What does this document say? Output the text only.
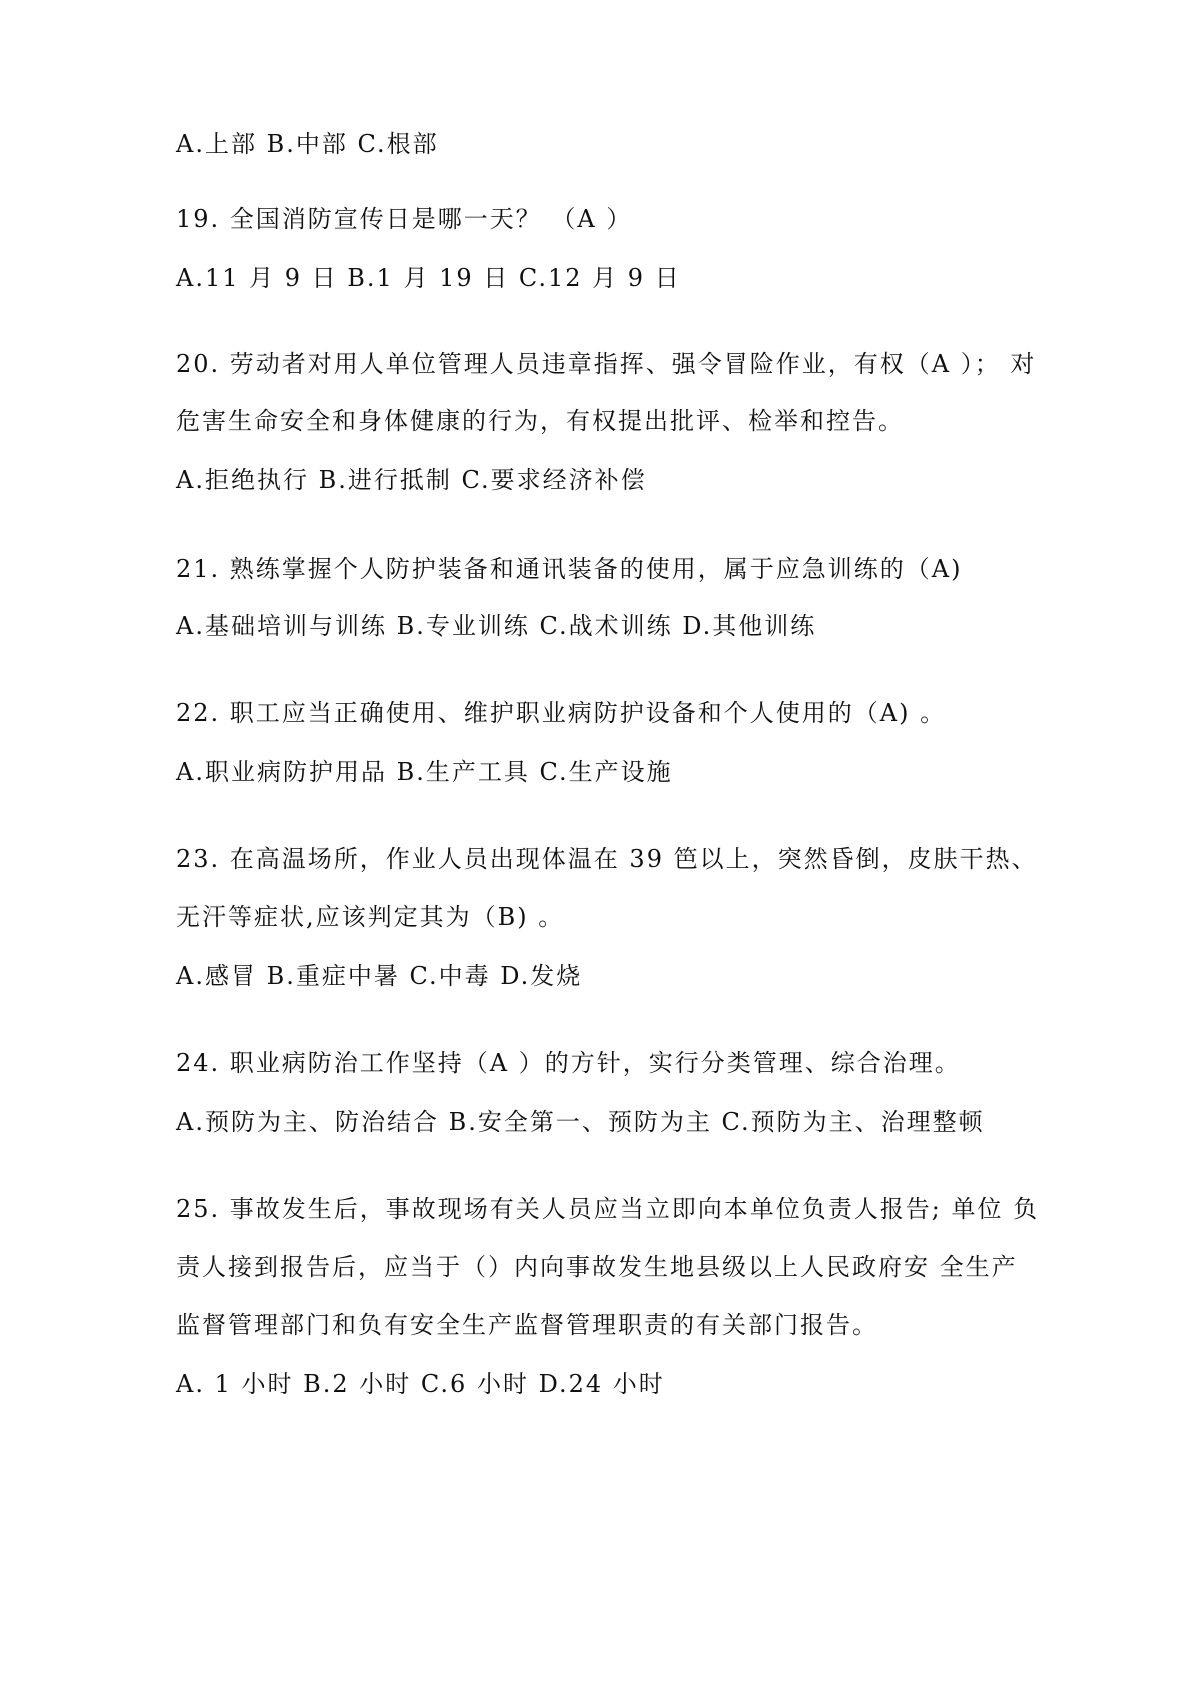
A.上部 B.中部 C.根部
19. 全国消防宣传日是哪一天？ （A ）
A.11 月 9 日 B.1 月 19 日 C.12 月 9 日
20. 劳动者对用人单位管理人员违章指挥、强令冒险作业，有权（A ）； 对
危害生命安全和身体健康的行为，有权提出批评、检举和控告。
A.拒绝执行 B.进行抵制 C.要求经济补偿
21. 熟练掌握个人防护装备和通讯装备的使用，属于应急训练的（A)
A.基础培训与训练 B.专业训练 C.战术训练 D.其他训练
22. 职工应当正确使用、维护职业病防护设备和个人使用的（A) 。
A.职业病防护用品 B.生产工具 C.生产设施
23. 在高温场所，作业人员出现体温在 39 笆以上，突然昏倒，皮肤干热、
无汗等症状,应该判定其为（B) 。
A.感冒 B.重症中暑 C.中毒 D.发烧
24. 职业病防治工作坚持（A ）的方针，实行分类管理、综合治理。
A.预防为主、防治结合 B.安全第一、预防为主 C.预防为主、治理整顿
25. 事故发生后，事故现场有关人员应当立即向本单位负责人报告; 单位 负
责人接到报告后，应当于（）内向事故发生地县级以上人民政府安 全生产
监督管理部门和负有安全生产监督管理职责的有关部门报告。
A. 1 小时 B.2 小时 C.6 小时 D.24 小时
